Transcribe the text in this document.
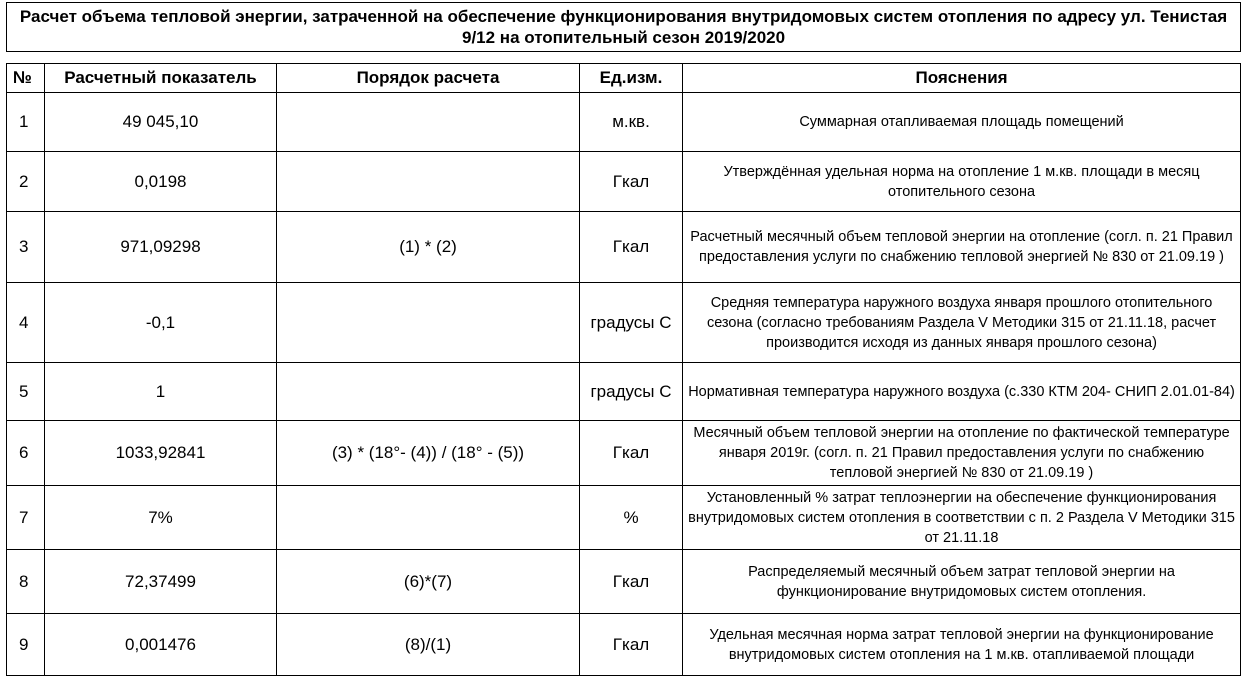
Расчет объема тепловой энергии, затраченной на обеспечение функционирования внутридомовых систем отопления по адресу ул. Тенистая 9/12 на отопительный сезон 2019/2020				

№	Расчетный показатель	Порядок расчета	Ед.изм.	Пояснения
1	49 045,10		м.кв.	Суммарная отапливаемая площадь помещений
2	0,0198		Гкал	Утверждённая удельная норма на отопление 1 м.кв. площади в месяц отопительного сезона
3	971,09298	(1) * (2)	Гкал	Расчетный месячный объем тепловой энергии на отопление (согл. п. 21 Правил предоставления услуги по снабжению тепловой энергией № 830 от 21.09.19 )
4	-0,1		градусы С	Средняя температура наружного воздуха января прошлого отопительного сезона (согласно требованиям Раздела V Методики 315 от 21.11.18, расчет производится исходя из данных января прошлого сезона)
5	1		градусы С	Нормативная температура наружного воздуха (с.330 КТМ 204- СНИП 2.01.01-84)
6	1033,92841	(3) * (18°- (4)) / (18° - (5))	Гкал	Месячный объем тепловой энергии на отопление по фактической температуре января 2019г. (согл. п. 21 Правил предоставления услуги по снабжению тепловой энергией № 830 от 21.09.19 )
7	7%		%	Установленный % затрат теплоэнергии на обеспечение функционирования внутридомовых систем отопления в соответствии с п. 2 Раздела V Методики 315 от 21.11.18
8	72,37499	(6)*(7)	Гкал	Распределяемый месячный объем затрат тепловой энергии на функционирование внутридомовых систем отопления.
9	0,001476	(8)/(1)	Гкал	Удельная месячная норма затрат тепловой энергии на функционирование внутридомовых систем отопления на 1 м.кв. отапливаемой площади
